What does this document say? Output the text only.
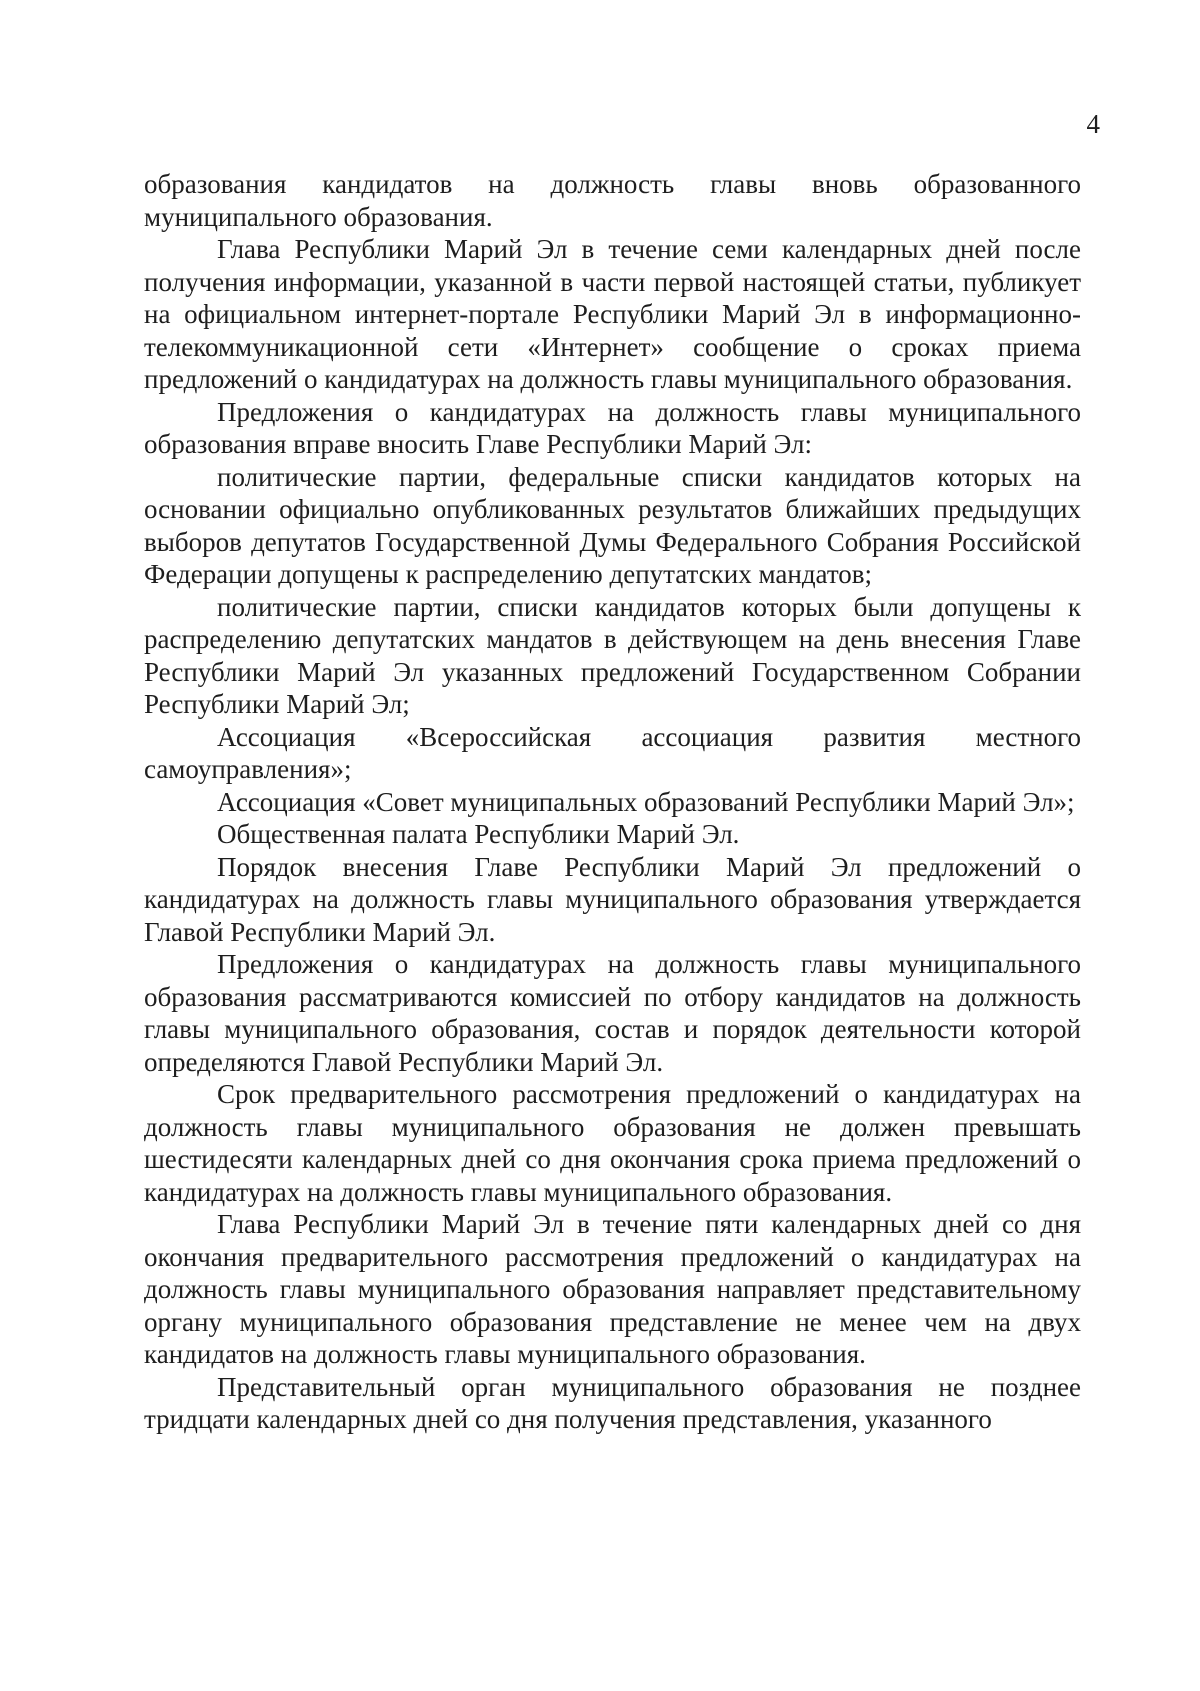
4

образования кандидатов на должность главы вновь образованного муниципального образования.

Глава Республики Марий Эл в течение семи календарных дней после получения информации, указанной в части первой настоящей статьи, публикует на официальном интернет-портале Республики Марий Эл в информационно-телекоммуникационной сети «Интернет» сообщение о сроках приема предложений о кандидатурах на должность главы муниципального образования.

Предложения о кандидатурах на должность главы муниципального образования вправе вносить Главе Республики Марий Эл:

политические партии, федеральные списки кандидатов которых на основании официально опубликованных результатов ближайших предыдущих выборов депутатов Государственной Думы Федерального Собрания Российской Федерации допущены к распределению депутатских мандатов;

политические партии, списки кандидатов которых были допущены к распределению депутатских мандатов в действующем на день внесения Главе Республики Марий Эл указанных предложений Государственном Собрании Республики Марий Эл;

Ассоциация «Всероссийская ассоциация развития местного самоуправления»;

Ассоциация «Совет муниципальных образований Республики Марий Эл»;

Общественная палата Республики Марий Эл.

Порядок внесения Главе Республики Марий Эл предложений о кандидатурах на должность главы муниципального образования утверждается Главой Республики Марий Эл.

Предложения о кандидатурах на должность главы муниципального образования рассматриваются комиссией по отбору кандидатов на должность главы муниципального образования, состав и порядок деятельности которой определяются Главой Республики Марий Эл.

Срок предварительного рассмотрения предложений о кандидатурах на должность главы муниципального образования не должен превышать шестидесяти календарных дней со дня окончания срока приема предложений о кандидатурах на должность главы муниципального образования.

Глава Республики Марий Эл в течение пяти календарных дней со дня окончания предварительного рассмотрения предложений о кандидатурах на должность главы муниципального образования направляет представительному органу муниципального образования представление не менее чем на двух кандидатов на должность главы муниципального образования.

Представительный орган муниципального образования не позднее тридцати календарных дней со дня получения представления, указанного
